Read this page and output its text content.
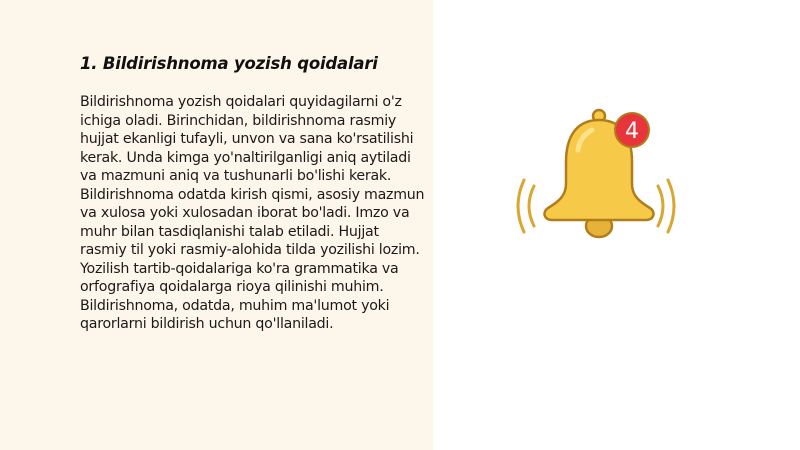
1. Bildirishnoma yozish qoidalari

Bildirishnoma yozish qoidalari quyidagilarni o'z ichiga oladi. Birinchidan, bildirishnoma rasmiy hujjat ekanligi tufayli, unvon va sana ko'rsatilishi kerak. Unda kimga yo'naltirilganligi aniq aytiladi va mazmuni aniq va tushunarli bo'lishi kerak. Bildirishnoma odatda kirish qismi, asosiy mazmun va xulosa yoki xulosadan iborat bo'ladi. Imzo va muhr bilan tasdiqlanishi talab etiladi. Hujjat rasmiy til yoki rasmiy-alohida tilda yozilishi lozim. Yozilish tartib-qoidalariga ko'ra grammatika va orfografiya qoidalarga rioya qilinishi muhim. Bildirishnoma, odatda, muhim ma'lumot yoki qarorlarni bildirish uchun qo'llaniladi.

4
